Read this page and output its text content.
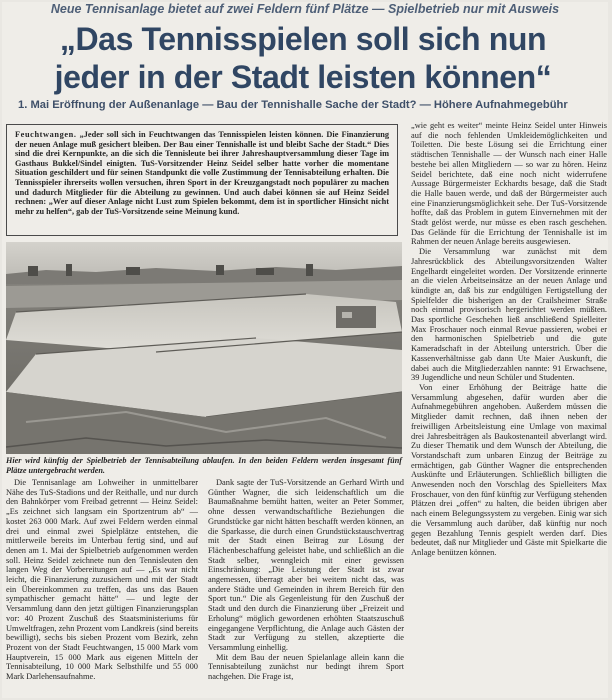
Neue Tennisanlage bietet auf zwei Feldern fünf Plätze — Spielbetrieb nur mit Ausweis
„Das Tennisspielen soll sich nun
jeder in der Stadt leisten können“
1. Mai Eröffnung der Außenanlage — Bau der Tennishalle Sache der Stadt? — Höhere Aufnahmegebühr
Feuchtwangen. „Jeder soll sich in Feuchtwangen das Tennisspielen leisten können. Die Finanzierung der neuen Anlage muß gesichert bleiben. Der Bau einer Tennishalle ist und bleibt Sache der Stadt.“ Dies sind die drei Kernpunkte, an die sich die Tennisleute bei ihrer Jahreshauptversammlung dieser Tage im Gasthaus Bukkel/Sindel einigten. TuS-Vorsitzender Heinz Seidel selber hatte vorher die momentane Situation geschildert und für seinen Standpunkt die volle Zustimmung der Tennisabteilung erhalten. Die Tennisspieler ihrerseits wollen versuchen, ihren Sport in der Kreuzgangstadt noch populärer zu machen und dadurch Mitglieder für die Abteilung zu gewinnen. Und auch dabei können sie auf Heinz Seidel rechnen: „Wer auf dieser Anlage nicht Lust zum Spielen bekommt, dem ist in sportlicher Hinsicht nicht mehr zu helfen“, gab der TuS-Vorsitzende seine Meinung kund.
Hier wird künftig der Spielbetrieb der Tennisabteilung ablaufen. In den beiden Feldern werden insgesamt fünf Plätze untergebracht werden.

Die Tennisanlage am Lohweiher in unmittelbarer Nähe des TuS-Stadions und der Reithalle, und nur durch den Bahnkörper vom Freibad getrennt — Heinz Seidel: „Es zeichnet sich langsam ein Sportzentrum ab“ — kostet 263 000 Mark. Auf zwei Feldern werden einmal drei und einmal zwei Spielplätze entstehen, die mittlerweile bereits im Unterbau fertig sind, und auf denen am 1. Mai der Spielbetrieb aufgenommen werden soll. Heinz Seidel zeichnete nun den Tennisleuten den langen Weg der Vorbereitungen auf — „Es war nicht leicht, die Finanzierung zuzusichern und mit der Stadt ein Übereinkommen zu treffen, das uns das Bauen sympathischer gemacht hätte“ — und legte der Versammlung dann den jetzt gültigen Finanzierungsplan vor: 40 Prozent Zuschuß des Staatsministeriums für Umweltfragen, zehn Prozent vom Landkreis (sind bereits bewilligt), sechs bis sieben Prozent vom Bezirk, zehn Prozent von der Stadt Feuchtwangen, 15 000 Mark vom Hauptverein, 15 000 Mark aus eigenen Mitteln der Tennisabteilung, 10 000 Mark Selbsthilfe und 55 000 Mark Darlehensaufnahme.

Dank sagte der TuS-Vorsitzende an Gerhard Wirth und Günther Wagner, die sich leidenschaftlich um die Baumaßnahme bemüht hatten, weiter an Peter Sommer, ohne dessen verwandtschaftliche Beziehungen die Grundstücke gar nicht hätten beschafft werden können, an die Sparkasse, die durch einen Grundstückstauschvertrag mit der Stadt einen Beitrag zur Lösung der Flächenbeschaffung geleistet habe, und schließlich an die Stadt selber, wenngleich mit einer gewissen Einschränkung: „Die Leistung der Stadt ist zwar angemessen, überragt aber bei weitem nicht das, was andere Städte und Gemeinden in ihrem Bereich für den Sport tun.“ Die als Gegenleistung für den Zuschuß der Stadt und den durch die Finanzierung über „Freizeit und Erholung“ möglich gewordenen erhöhten Staatszuschuß eingegangene Verpflichtung, die Anlage auch Gästen der Stadt zur Verfügung zu stellen, akzeptierte die Versammlung einhellig.

Mit dem Bau der neuen Spielanlage allein kann die Tennisabteilung zunächst nur bedingt ihrem Sport nachgehen. Die Frage ist,

„wie geht es weiter“ meinte Heinz Seidel unter Hinweis auf die noch fehlenden Umkleidemöglichkeiten und Toiletten. Die beste Lösung sei die Errichtung einer städtischen Tennishalle — der Wunsch nach einer Halle bestehe bei allen Mitgliedern — so war zu hören. Heinz Seidel berichtete, daß eine noch nicht widerrufene Aussage Bürgermeister Eckhardts besage, daß die Stadt die Halle bauen werde, und daß der Bürgermeister auch eine Finanzierungsmöglichkeit sehe. Der TuS-Vorsitzende hoffte, daß das Problem in gutem Einvernehmen mit der Stadt gelöst werde, nur müsse es eben rasch geschehen. Das Gelände für die Errichtung der Tennishalle ist im Rahmen der neuen Anlage bereits ausgewiesen.

Die Versammlung war zunächst mit dem Jahresrückblick des Abteilungsvorsitzenden Walter Engelhardt eingeleitet worden. Der Vorsitzende erinnerte an die vielen Arbeitseinsätze an der neuen Anlage und kündigte an, daß bis zur endgültigen Fertigstellung der Spielfelder die bisherigen an der Crailsheimer Straße noch einmal provisorisch hergerichtet werden müßten. Das sportliche Geschehen ließ anschließend Spielleiter Max Froschauer noch einmal Revue passieren, wobei er den harmonischen Spielbetrieb und die gute Kameradschaft in der Abteilung unterstrich. Über die Kassenverhältnisse gab dann Ute Maier Auskunft, die dabei auch die Mitgliederzahlen nannte: 91 Erwachsene, 39 Jugendliche und neun Schüler und Studenten.

Von einer Erhöhung der Beiträge hatte die Versammlung abgesehen, dafür wurden aber die Aufnahmegebühren angehoben. Außerdem müssen die Mitglieder damit rechnen, daß ihnen neben der freiwilligen Arbeitsleistung eine Umlage von maximal drei Jahresbeiträgen als Baukostenanteil abverlangt wird. Zu dieser Thematik und dem Wunsch der Abteilung, die Vorstandschaft zum unbaren Einzug der Beiträge zu ermächtigen, gab Günther Wagner die entsprechenden Auskünfte und Erläuterungen. Schließlich billigten die Anwesenden noch den Vorschlag des Spielleiters Max Froschauer, von den fünf künftig zur Verfügung stehenden Plätzen drei „offen“ zu halten, die beiden übrigen aber nach einem Belegungssystem zu vergeben. Einig war sich die Versammlung auch darüber, daß künftig nur noch gegen Bezahlung Tennis gespielt werden darf. Dies bedeutet, daß nur Mitglieder und Gäste mit Spielkarte die Anlage benützen können.
